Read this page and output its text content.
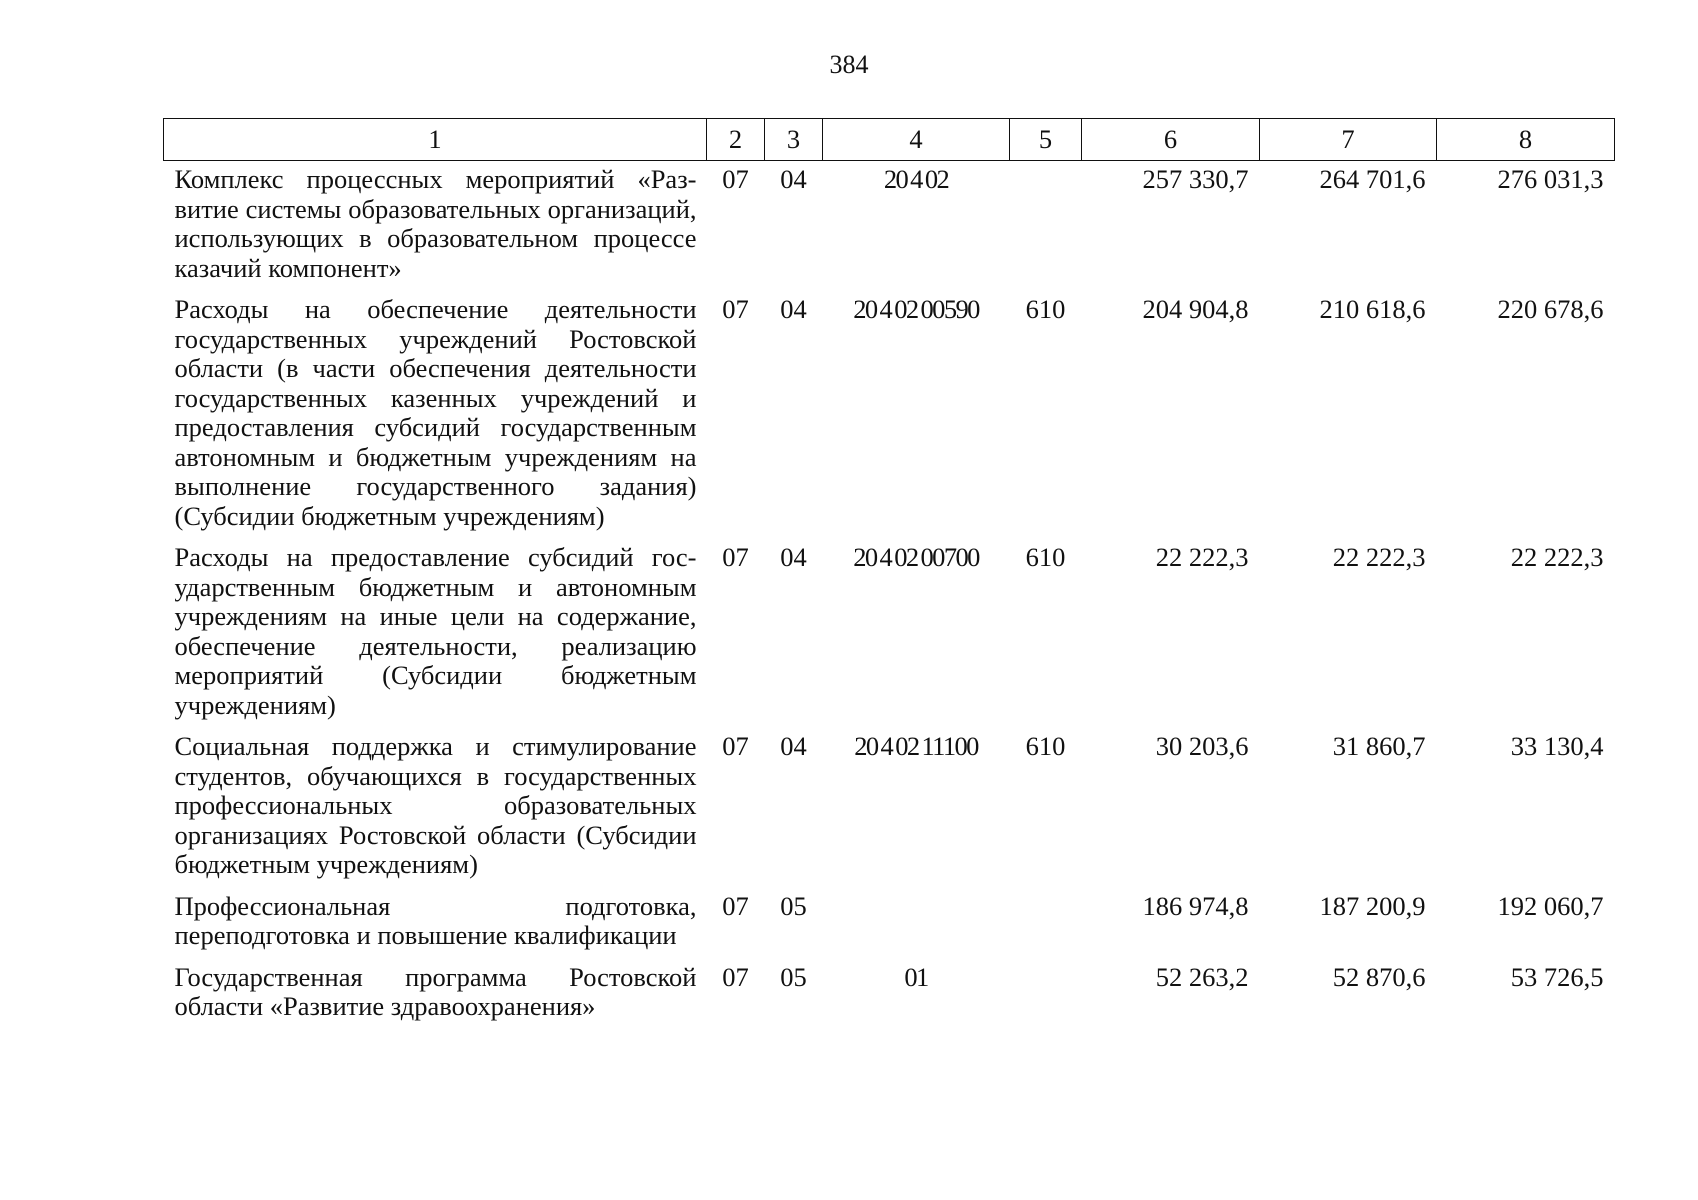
384
1	2	3	4	5	6	7	8
Комплекс процессных мероприятий «Развитие системы образовательных организаций, использующих в образовательном процессе казачий компонент»	07	04	20 4 02		257 330,7	264 701,6	276 031,3
Расходы на обеспечение деятельности государственных учреждений Ростовской области (в части обеспечения деятельности государственных казенных учреждений и предоставления субсидий государственным автономным и бюджетным учреждениям на выполнение государственного задания) (Субсидии бюджетным учреждениям)	07	04	20 4 02 00590	610	204 904,8	210 618,6	220 678,6
Расходы на предоставление субсидий государственным бюджетным и автономным учреждениям на иные цели на содержание, обеспечение деятельности, реализацию мероприятий (Субсидии бюджетным учреждениям)	07	04	20 4 02 00700	610	22 222,3	22 222,3	22 222,3
Социальная поддержка и стимулирование студентов, обучающихся в государственных профессиональных образовательных организациях Ростовской области (Субсидии бюджетным учреждениям)	07	04	20 4 02 11100	610	30 203,6	31 860,7	33 130,4
Профессиональная подготовка, переподготовка и повышение квалификации	07	05			186 974,8	187 200,9	192 060,7
Государственная программа Ростовской области «Развитие здравоохранения»	07	05	01		52 263,2	52 870,6	53 726,5
